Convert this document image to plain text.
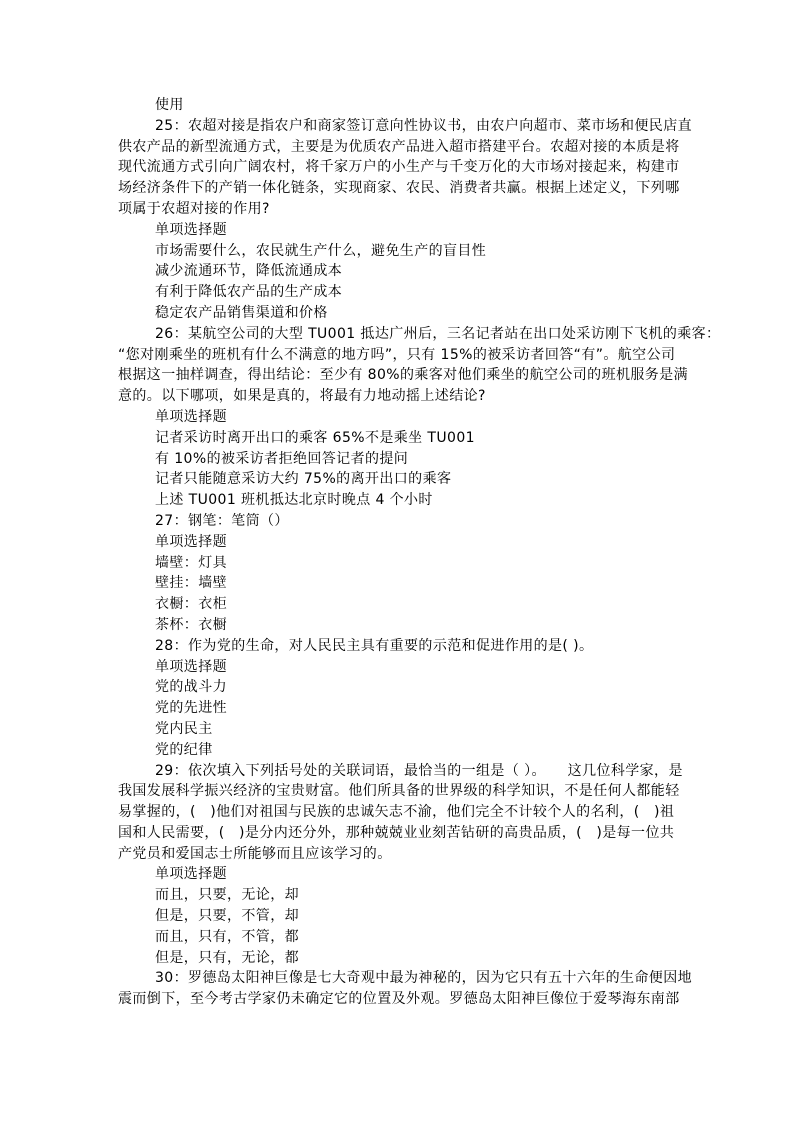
使用
25：农超对接是指农户和商家签订意向性协议书，由农户向超市、菜市场和便民店直
供农产品的新型流通方式，主要是为优质农产品进入超市搭建平台。农超对接的本质是将
现代流通方式引向广阔农村，将千家万户的小生产与千变万化的大市场对接起来，构建市
场经济条件下的产销一体化链条，实现商家、农民、消费者共赢。根据上述定义，下列哪
项属于农超对接的作用?
单项选择题
市场需要什么，农民就生产什么，避免生产的盲目性
减少流通环节，降低流通成本
有利于降低农产品的生产成本
稳定农产品销售渠道和价格
26：某航空公司的大型 TU001 抵达广州后，三名记者站在出口处采访刚下飞机的乘客：
“您对刚乘坐的班机有什么不满意的地方吗”，只有 15%的被采访者回答“有”。航空公司
根据这一抽样调查，得出结论：至少有 80%的乘客对他们乘坐的航空公司的班机服务是满
意的。以下哪项，如果是真的，将最有力地动摇上述结论?
单项选择题
记者采访时离开出口的乘客 65%不是乘坐 TU001
有 10%的被采访者拒绝回答记者的提问
记者只能随意采访大约 75%的离开出口的乘客
上述 TU001 班机抵达北京时晚点 4 个小时
27：钢笔：笔筒（）
单项选择题
墙壁：灯具
壁挂：墙壁
衣橱：衣柜
茶杯：衣橱
28：作为党的生命，对人民民主具有重要的示范和促进作用的是( )。
单项选择题
党的战斗力
党的先进性
党内民主
党的纪律
29：依次填入下列括号处的关联词语，最恰当的一组是（ ）。　　这几位科学家，是
我国发展科学振兴经济的宝贵财富。他们所具备的世界级的科学知识，不是任何人都能轻
易掌握的，(　)他们对祖国与民族的忠诚矢志不渝，他们完全不计较个人的名利，(　)祖
国和人民需要，(　)是分内还分外，那种兢兢业业刻苦钻研的高贵品质，(　)是每一位共
产党员和爱国志士所能够而且应该学习的。
单项选择题
而且，只要，无论，却
但是，只要，不管，却
而且，只有，不管，都
但是，只有，无论，都
30：罗德岛太阳神巨像是七大奇观中最为神秘的，因为它只有五十六年的生命便因地
震而倒下，至今考古学家仍未确定它的位置及外观。罗德岛太阳神巨像位于爱琴海东南部
